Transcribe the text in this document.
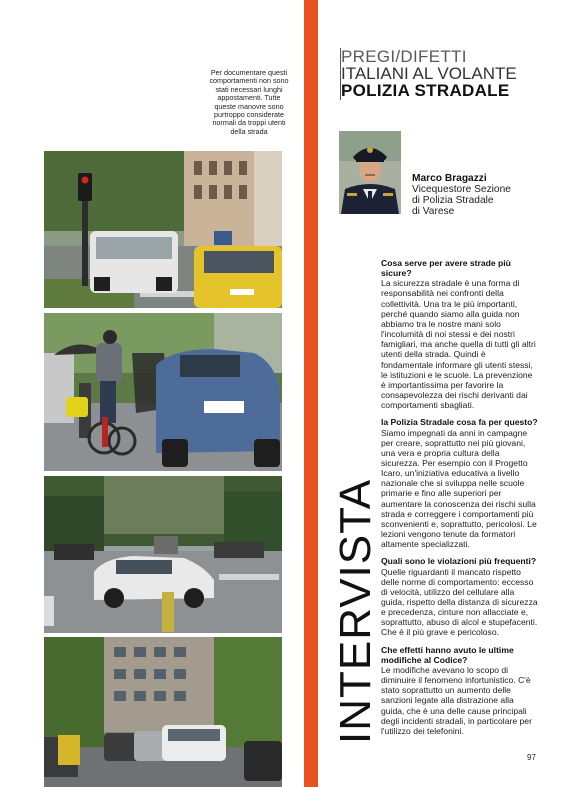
Per documentare questi comportamenti non sono stati necessari lunghi appostamenti. Tutte queste manovre sono purtroppo considerate normali da troppi utenti della strada
PREGI/DIFETTI
ITALIANI AL VOLANTE
POLIZIA STRADALE
Marco Bragazzi
Vicequestore Sezione
di Polizia Stradale
di Varese
Cosa serve per avere strade più sicure?
La sicurezza stradale è una forma di responsabilità nei confronti della collettività. Una tra le più importanti, perché quando siamo alla guida non abbiamo tra le nostre mani solo l'incolumità di noi stessi e dei nostri famigliari, ma anche quella di tutti gli altri utenti della strada. Quindi è fondamentale informare gli utenti stessi, le istituzioni e le scuole. La prevenzione è importantissima per favorire la consapevolezza dei rischi derivanti dai comportamenti sbagliati.
la Polizia Stradale cosa fa per questo?
Siamo impegnati da anni in campagne per creare, soprattutto nei più giovani, una vera e propria cultura della sicurezza. Per esempio con il Progetto Icaro, un'iniziativa educativa a livello nazionale che si sviluppa nelle scuole primarie e fino alle superiori per aumentare la conoscenza dei rischi sulla strada e correggere i comportamenti più sconvenienti e, soprattutto, pericolosi. Le lezioni vengono tenute da formatori altamente specializzati.
Quali sono le violazioni più frequenti?
Quelle riguardanti il mancato rispetto delle norme di comportamento: eccesso di velocità, utilizzo del cellulare alla guida, rispetto della distanza di sicurezza e precedenza, cinture non allacciate e, soprattutto, abuso di alcol e stupefacenti. Che è il più grave e pericoloso.
Che effetti hanno avuto le ultime modifiche al Codice?
Le modifiche avevano lo scopo di diminuire il fenomeno infortunistico. C'è stato soprattutto un aumento delle sanzioni legate alla distrazione alla guida, che è una delle cause principali degli incidenti stradali, in particolare per l'utilizzo dei telefonini.
INTERVISTA
97
